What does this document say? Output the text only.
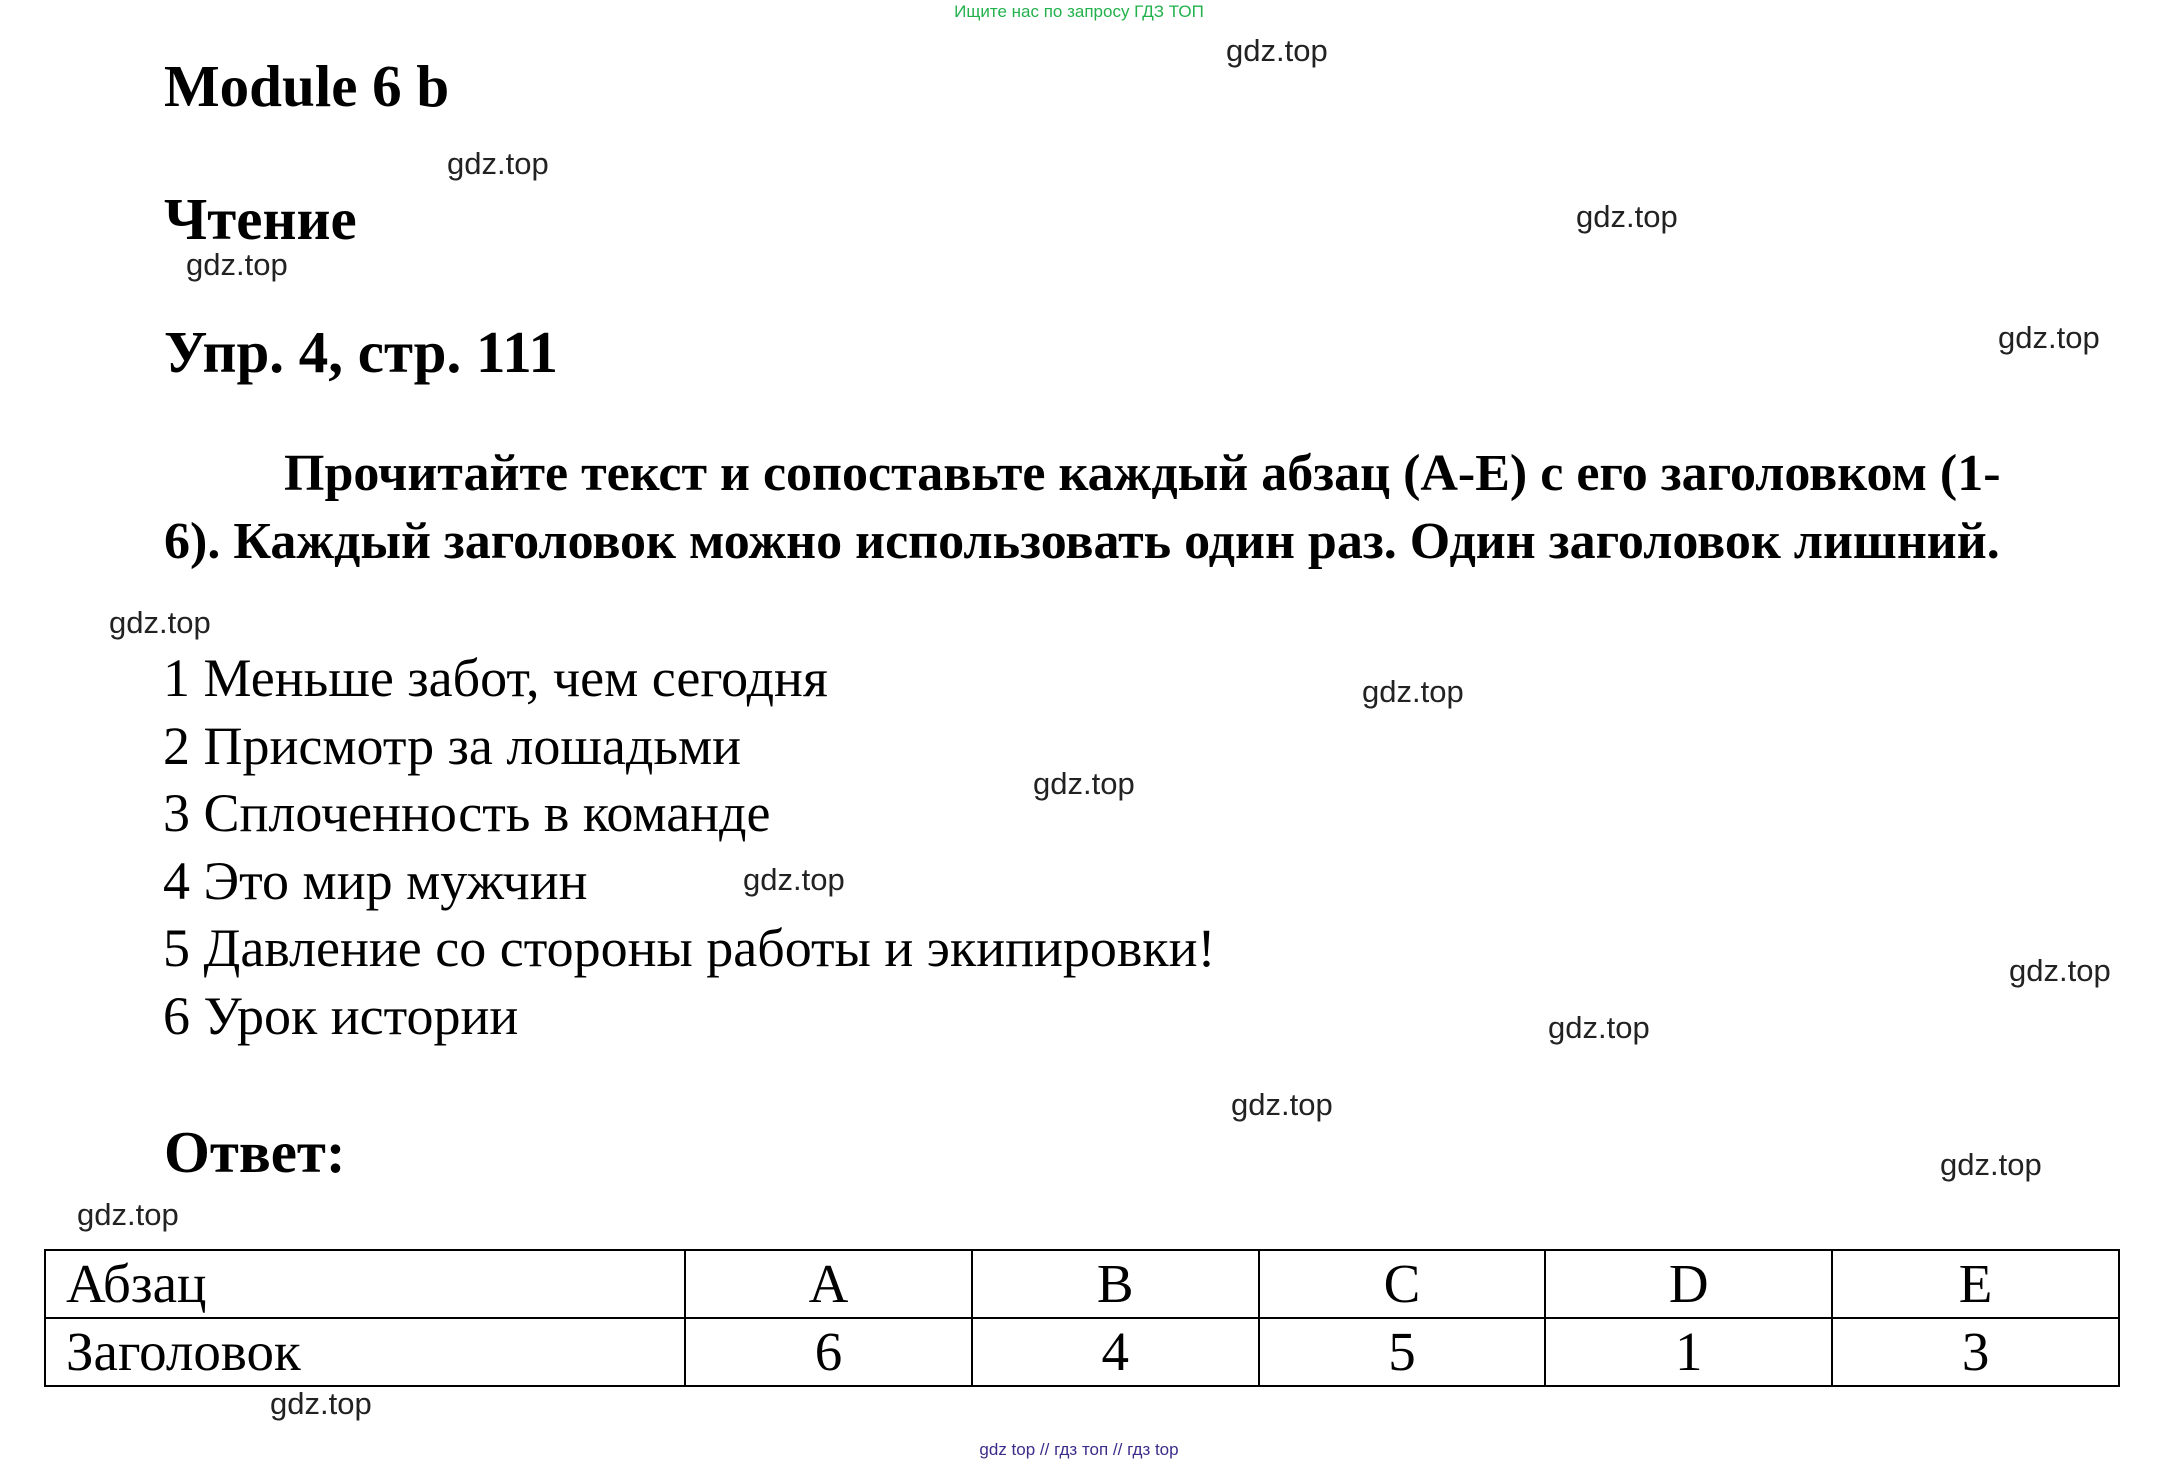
Ищите нас по запросу ГДЗ ТОП
Module 6 b
Чтение
Упр. 4, стр. 111
Прочитайте текст и сопоставьте каждый абзац (A-E) с его заголовком (1-
6). Каждый заголовок можно использовать один раз. Один заголовок лишний.
1 Меньше забот, чем сегодня
2 Присмотр за лошадьми
3 Сплоченность в команде
4 Это мир мужчин
5 Давление со стороны работы и экипировки!
6 Урок истории
Ответ:
Абзац	A	B	C	D	E
Заголовок	6	4	5	1	3
gdz.top
gdz.top
gdz.top
gdz.top
gdz.top
gdz.top
gdz.top
gdz.top
gdz.top
gdz.top
gdz.top
gdz.top
gdz.top
gdz.top
gdz.top
gdz top // гдз топ // гдз top
